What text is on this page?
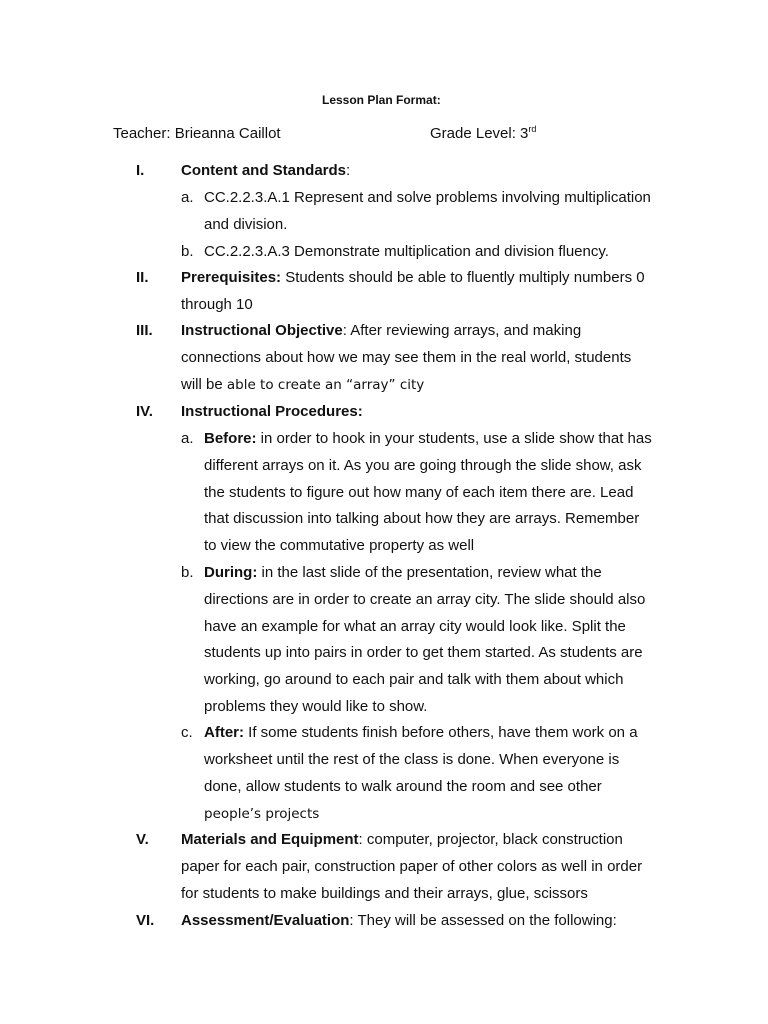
Lesson Plan Format:
Teacher: Brieanna Caillot	Grade Level: 3rd
I. Content and Standards:
a. CC.2.2.3.A.1 Represent and solve problems involving multiplication
and division.
b. CC.2.2.3.A.3 Demonstrate multiplication and division fluency.
II. Prerequisites: Students should be able to fluently multiply numbers 0
through 10
III. Instructional Objective: After reviewing arrays, and making
connections about how we may see them in the real world, students
will be able to create an “array” city
IV. Instructional Procedures:
a. Before: in order to hook in your students, use a slide show that has
different arrays on it. As you are going through the slide show, ask
the students to figure out how many of each item there are. Lead
that discussion into talking about how they are arrays. Remember
to view the commutative property as well
b. During: in the last slide of the presentation, review what the
directions are in order to create an array city. The slide should also
have an example for what an array city would look like. Split the
students up into pairs in order to get them started. As students are
working, go around to each pair and talk with them about which
problems they would like to show.
c. After: If some students finish before others, have them work on a
worksheet until the rest of the class is done. When everyone is
done, allow students to walk around the room and see other
people’s projects
V. Materials and Equipment: computer, projector, black construction
paper for each pair, construction paper of other colors as well in order
for students to make buildings and their arrays, glue, scissors
VI. Assessment/Evaluation: They will be assessed on the following:
